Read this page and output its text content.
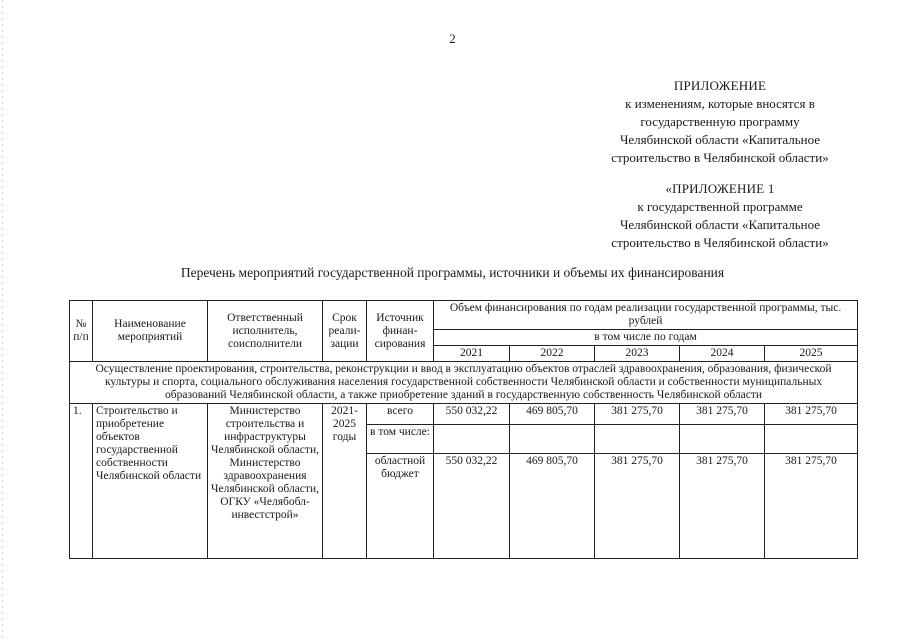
2
ПРИЛОЖЕНИЕ
к изменениям, которые вносятся в
государственную программу
Челябинской области «Капитальное
строительство в Челябинской области»
«ПРИЛОЖЕНИЕ 1
к государственной программе
Челябинской области «Капитальное
строительство в Челябинской области»
Перечень мероприятий государственной программы, источники и объемы их финансирования
№ п/п	Наименование мероприятий	Ответственный исполнитель, соисполнители	Срок реали-зации	Источник финан-сирования	Объем финансирования по годам реализации государственной программы, тыс. рублей				
					в том числе по годам				
					2021	2022	2023	2024	2025
Осуществление проектирования, строительства, реконструкции и ввод в эксплуатацию объектов отраслей здравоохранения, образования, физической культуры и спорта, социального обслуживания населения государственной собственности Челябинской области и собственности муниципальных образований Челябинской области, а также приобретение зданий в государственную собственность Челябинской области									
1.	Строительство и приобретение объектов государственной собственности Челябинской области	Министерство строительства и инфраструктуры Челябинской области, Министерство здравоохранения Челябинской области, ОГКУ «Челябобл-инвестстрой»	2021-2025 годы	всего	550 032,22	469 805,70	381 275,70	381 275,70	381 275,70
				в том числе:					
				областной бюджет	550 032,22	469 805,70	381 275,70	381 275,70	381 275,70
